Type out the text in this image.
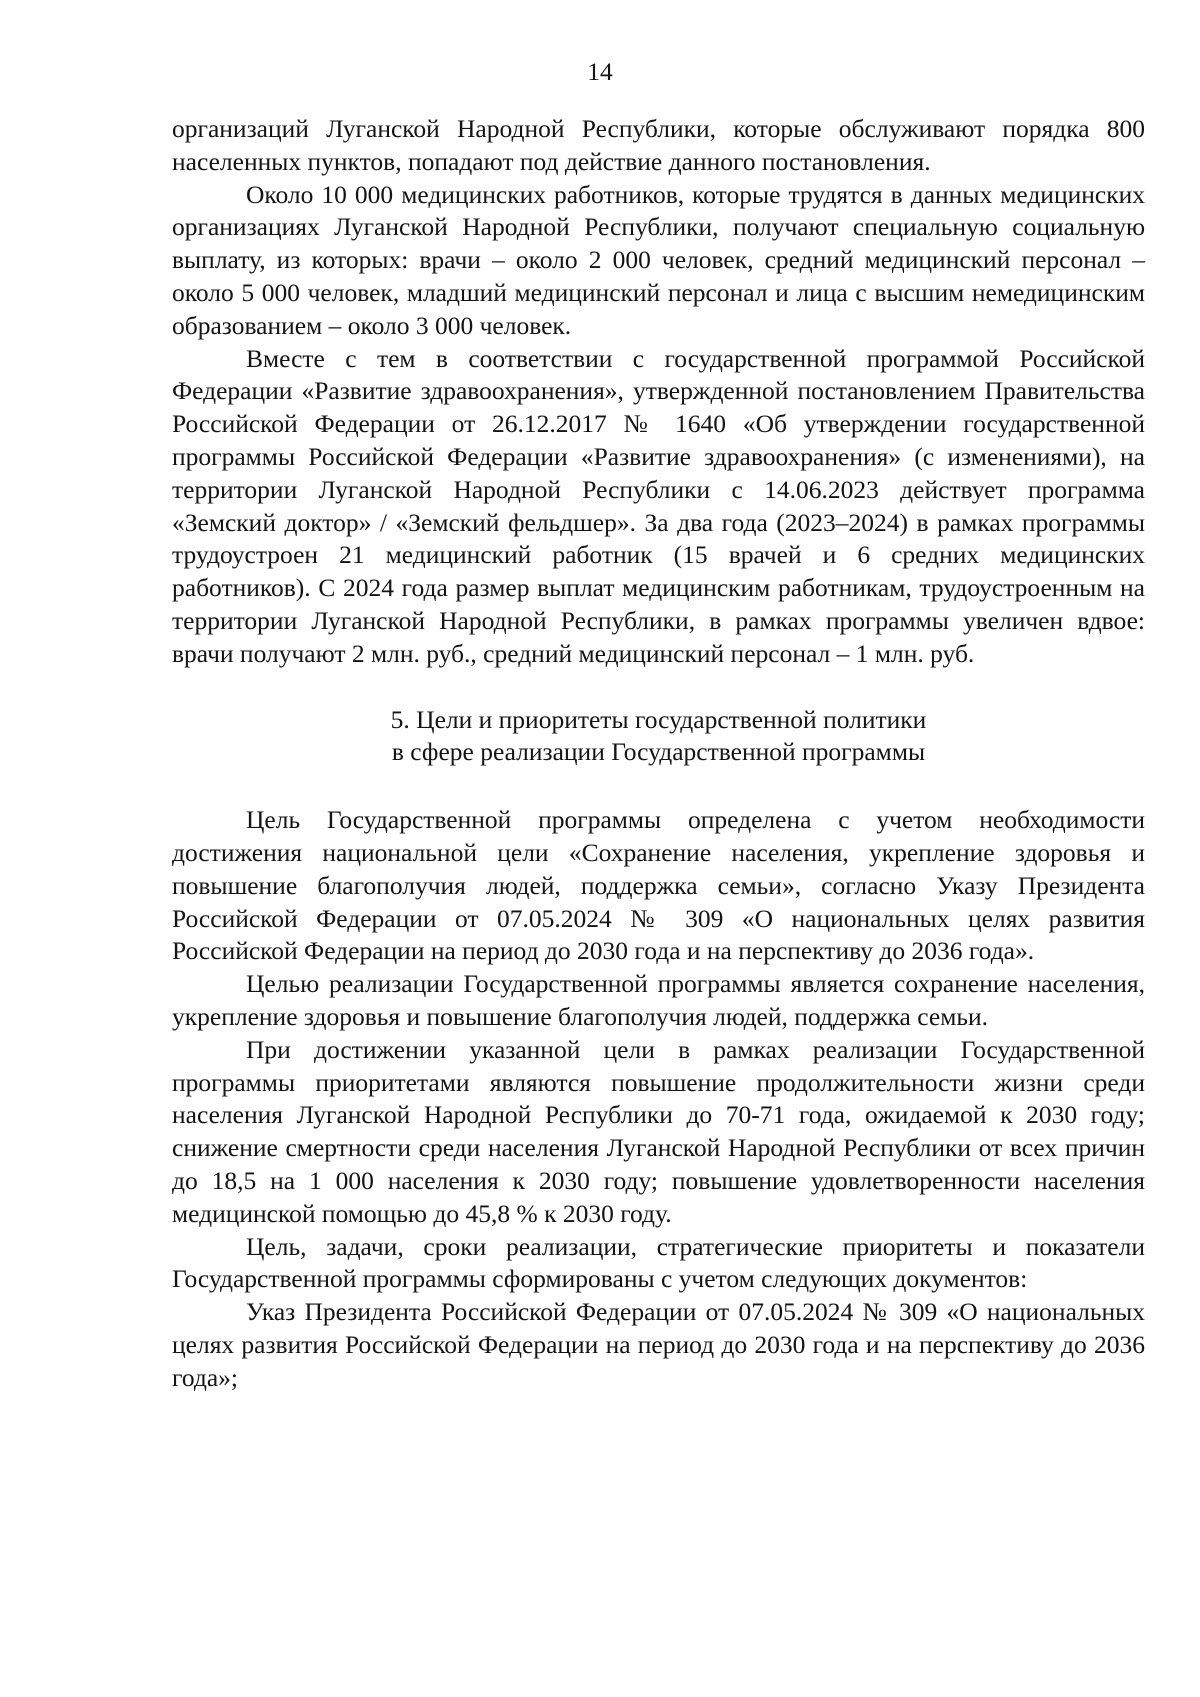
14

организаций Луганской Народной Республики, которые обслуживают порядка 800 населенных пунктов, попадают под действие данного постановления.

Около 10 000 медицинских работников, которые трудятся в данных медицинских организациях Луганской Народной Республики, получают специальную социальную выплату, из которых: врачи – около 2 000 человек, средний медицинский персонал – около 5 000 человек, младший медицинский персонал и лица с высшим немедицинским образованием – около 3 000 человек.

Вместе с тем в соответствии с государственной программой Российской Федерации «Развитие здравоохранения», утвержденной постановлением Правительства Российской Федерации от 26.12.2017 № 1640 «Об утверждении государственной программы Российской Федерации «Развитие здравоохранения» (с изменениями), на территории Луганской Народной Республики с 14.06.2023 действует программа «Земский доктор» / «Земский фельдшер». За два года (2023–2024) в рамках программы трудоустроен 21 медицинский работник (15 врачей и 6 средних медицинских работников). С 2024 года размер выплат медицинским работникам, трудоустроенным на территории Луганской Народной Республики, в рамках программы увеличен вдвое: врачи получают 2 млн. руб., средний медицинский персонал – 1 млн. руб.

5. Цели и приоритеты государственной политики
в сфере реализации Государственной программы

Цель Государственной программы определена с учетом необходимости достижения национальной цели «Сохранение населения, укрепление здоровья и повышение благополучия людей, поддержка семьи», согласно Указу Президента Российской Федерации от 07.05.2024 № 309 «О национальных целях развития Российской Федерации на период до 2030 года и на перспективу до 2036 года».

Целью реализации Государственной программы является сохранение населения, укрепление здоровья и повышение благополучия людей, поддержка семьи.

При достижении указанной цели в рамках реализации Государственной программы приоритетами являются повышение продолжительности жизни среди населения Луганской Народной Республики до 70-71 года, ожидаемой к 2030 году; снижение смертности среди населения Луганской Народной Республики от всех причин до 18,5 на 1 000 населения к 2030 году; повышение удовлетворенности населения медицинской помощью до 45,8 % к 2030 году.

Цель, задачи, сроки реализации, стратегические приоритеты и показатели Государственной программы сформированы с учетом следующих документов:

Указ Президента Российской Федерации от 07.05.2024 № 309 «О национальных целях развития Российской Федерации на период до 2030 года и на перспективу до 2036 года»;
